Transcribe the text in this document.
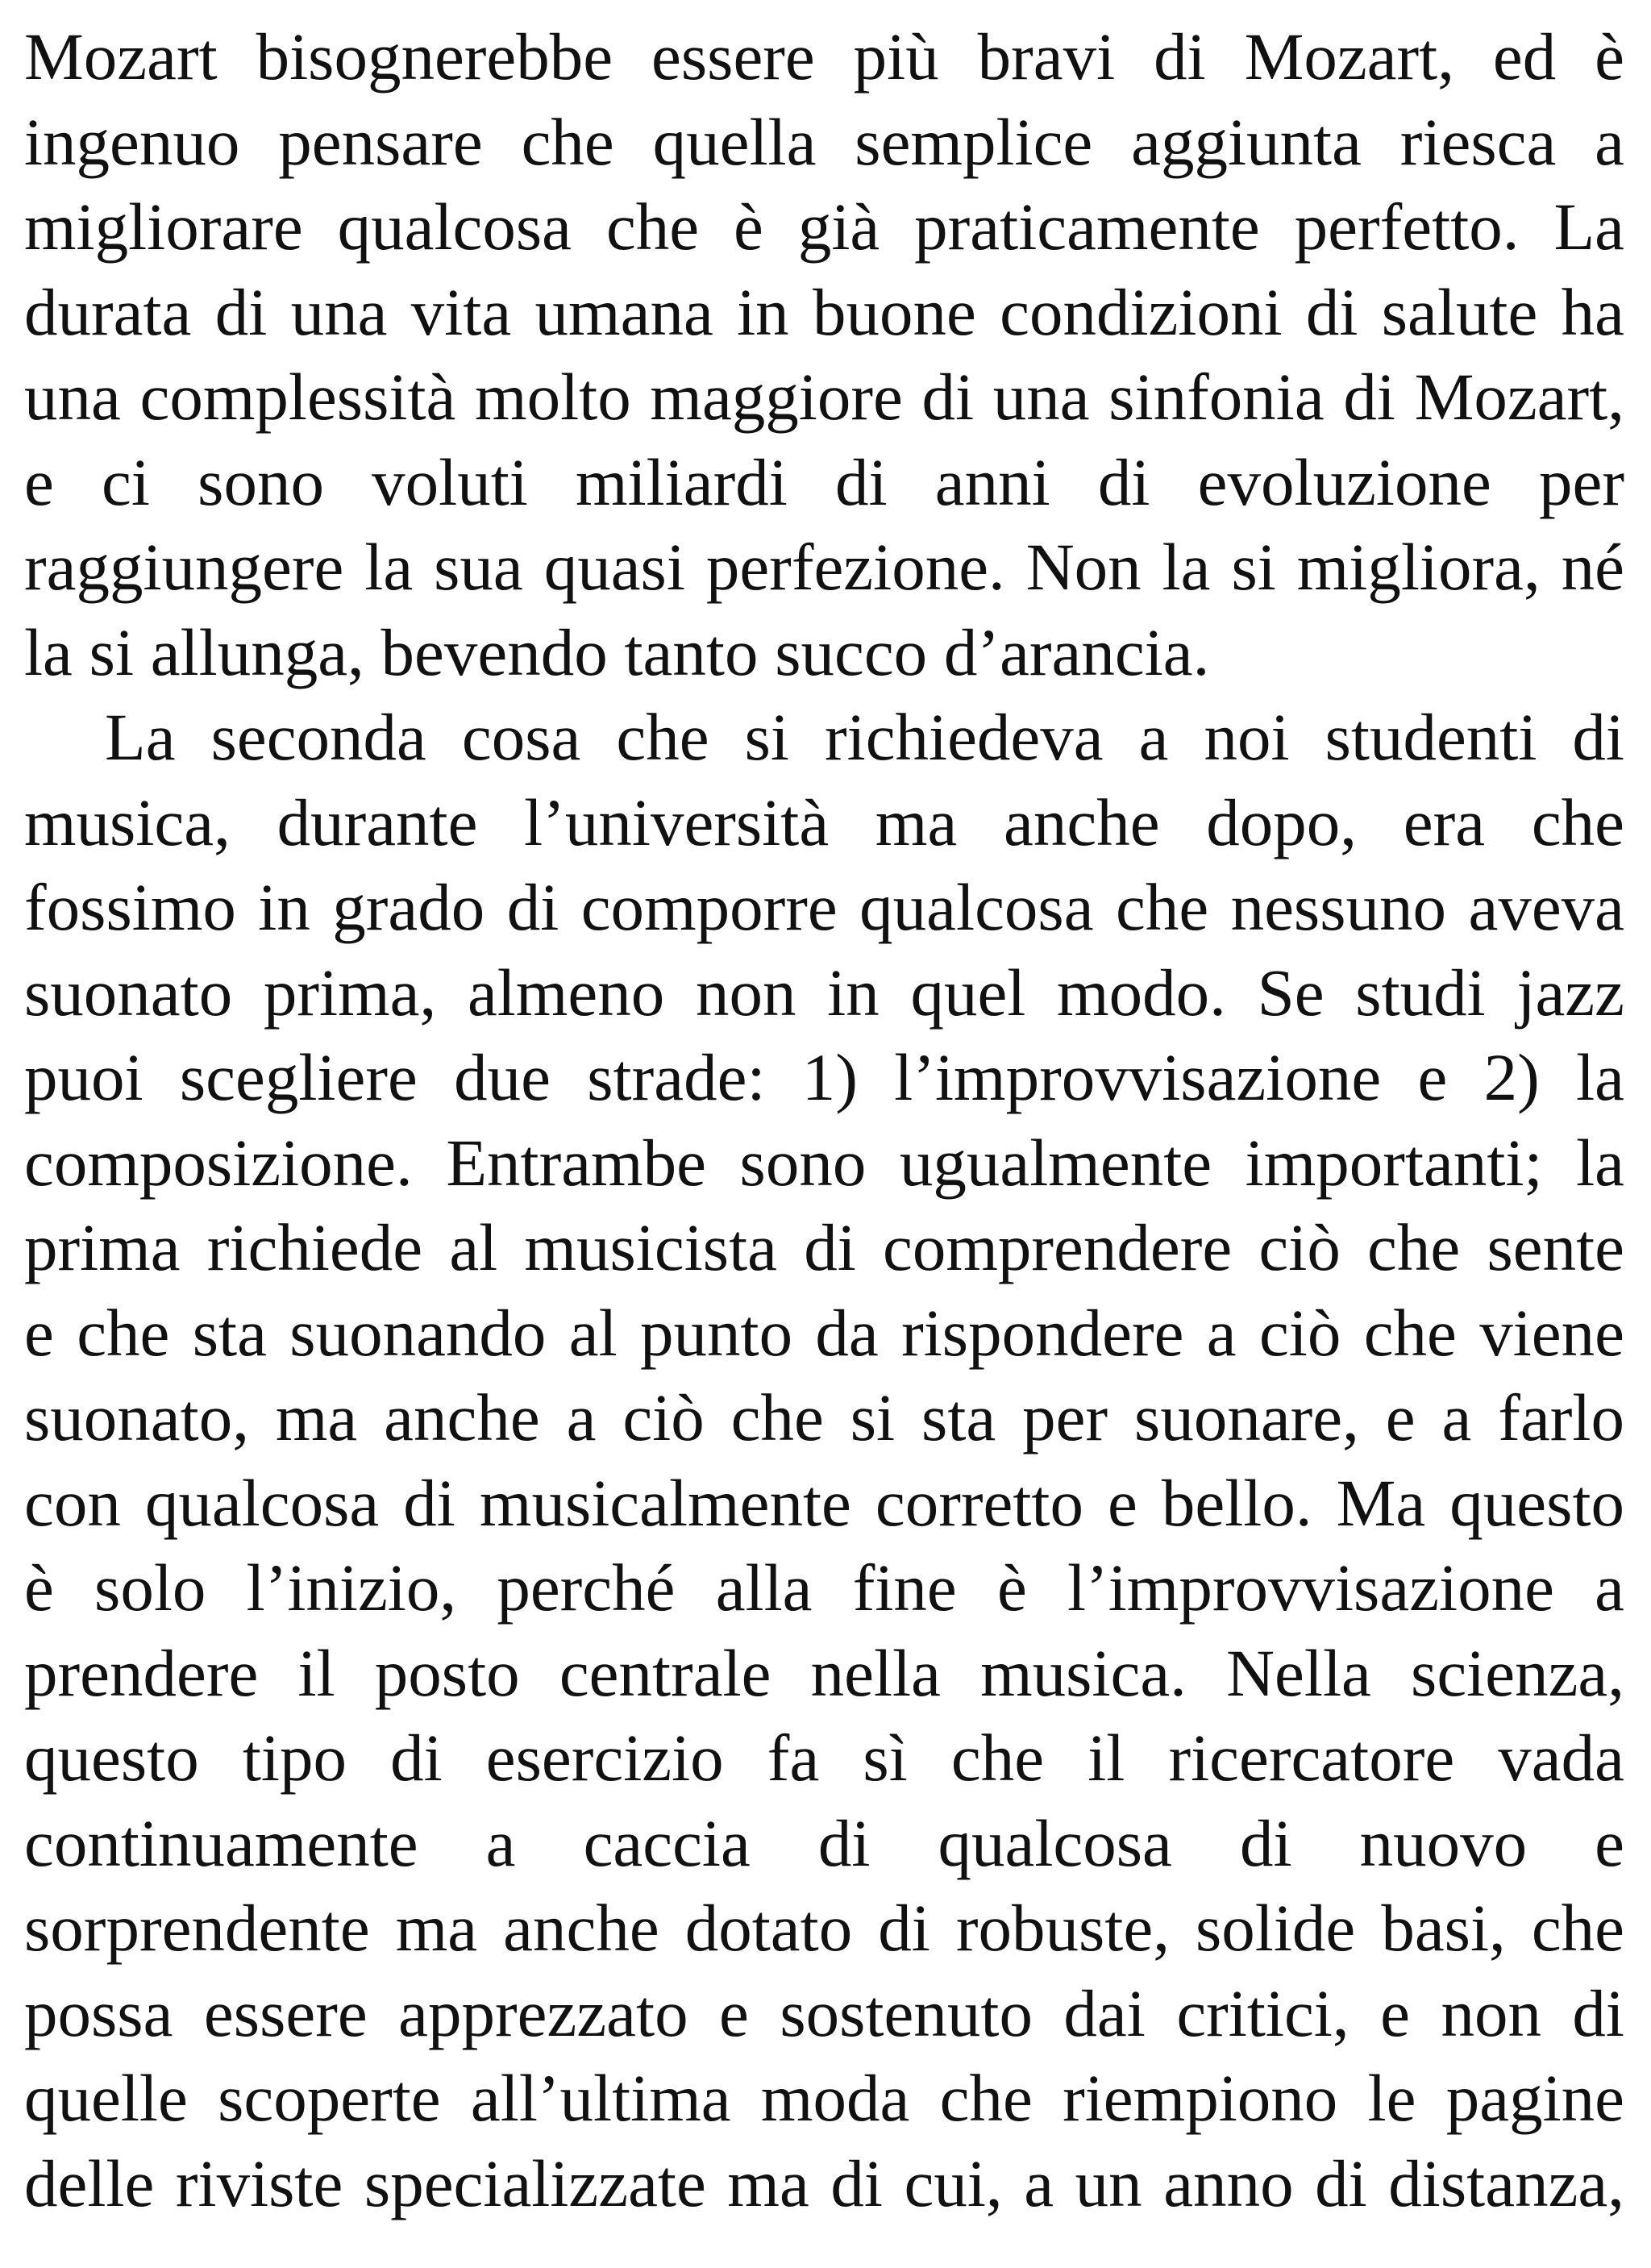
Mozart bisognerebbe essere più bravi di Mozart, ed è
ingenuo pensare che quella semplice aggiunta riesca a
migliorare qualcosa che è già praticamente perfetto. La
durata di una vita umana in buone condizioni di salute ha
una complessità molto maggiore di una sinfonia di Mozart,
e ci sono voluti miliardi di anni di evoluzione per
raggiungere la sua quasi perfezione. Non la si migliora, né
la si allunga, bevendo tanto succo d’arancia.
La seconda cosa che si richiedeva a noi studenti di
musica, durante l’università ma anche dopo, era che
fossimo in grado di comporre qualcosa che nessuno aveva
suonato prima, almeno non in quel modo. Se studi jazz
puoi scegliere due strade: 1) l’improvvisazione e 2) la
composizione. Entrambe sono ugualmente importanti; la
prima richiede al musicista di comprendere ciò che sente
e che sta suonando al punto da rispondere a ciò che viene
suonato, ma anche a ciò che si sta per suonare, e a farlo
con qualcosa di musicalmente corretto e bello. Ma questo
è solo l’inizio, perché alla fine è l’improvvisazione a
prendere il posto centrale nella musica. Nella scienza,
questo tipo di esercizio fa sì che il ricercatore vada
continuamente a caccia di qualcosa di nuovo e
sorprendente ma anche dotato di robuste, solide basi, che
possa essere apprezzato e sostenuto dai critici, e non di
quelle scoperte all’ultima moda che riempiono le pagine
delle riviste specializzate ma di cui, a un anno di distanza,
